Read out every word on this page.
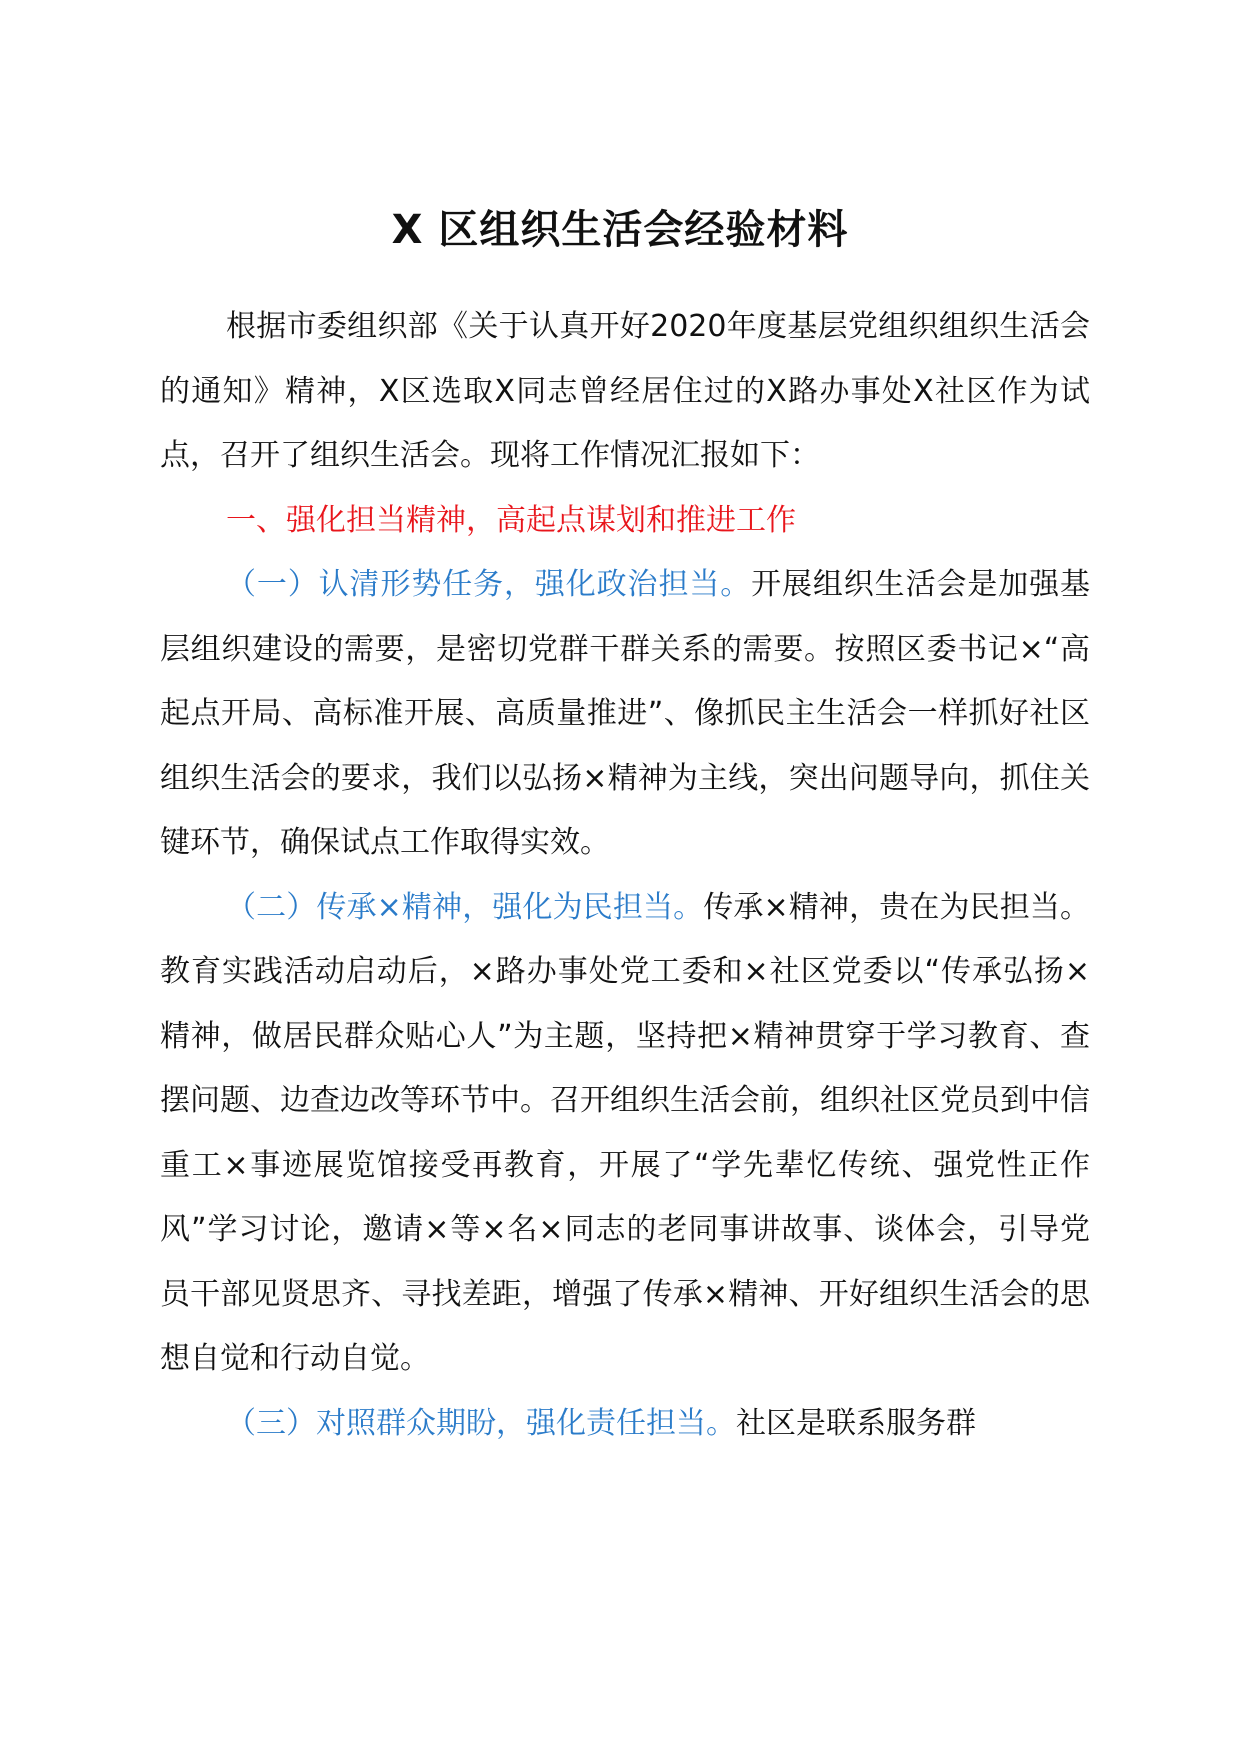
X 区组织生活会经验材料

根据市委组织部《关于认真开好2020年度基层党组织组织生活会的通知》精神，X区选取X同志曾经居住过的X路办事处X社区作为试点，召开了组织生活会。现将工作情况汇报如下：

一、强化担当精神，高起点谋划和推进工作

（一）认清形势任务，强化政治担当。开展组织生活会是加强基层组织建设的需要，是密切党群干群关系的需要。按照区委书记×“高起点开局、高标准开展、高质量推进”、像抓民主生活会一样抓好社区组织生活会的要求，我们以弘扬×精神为主线，突出问题导向，抓住关键环节，确保试点工作取得实效。

（二）传承×精神，强化为民担当。传承×精神，贵在为民担当。教育实践活动启动后，×路办事处党工委和×社区党委以“传承弘扬×精神，做居民群众贴心人”为主题，坚持把×精神贯穿于学习教育、查摆问题、边查边改等环节中。召开组织生活会前，组织社区党员到中信重工×事迹展览馆接受再教育，开展了“学先辈忆传统、强党性正作风”学习讨论，邀请×等×名×同志的老同事讲故事、谈体会，引导党员干部见贤思齐、寻找差距，增强了传承×精神、开好组织生活会的思想自觉和行动自觉。

（三）对照群众期盼，强化责任担当。社区是联系服务群
